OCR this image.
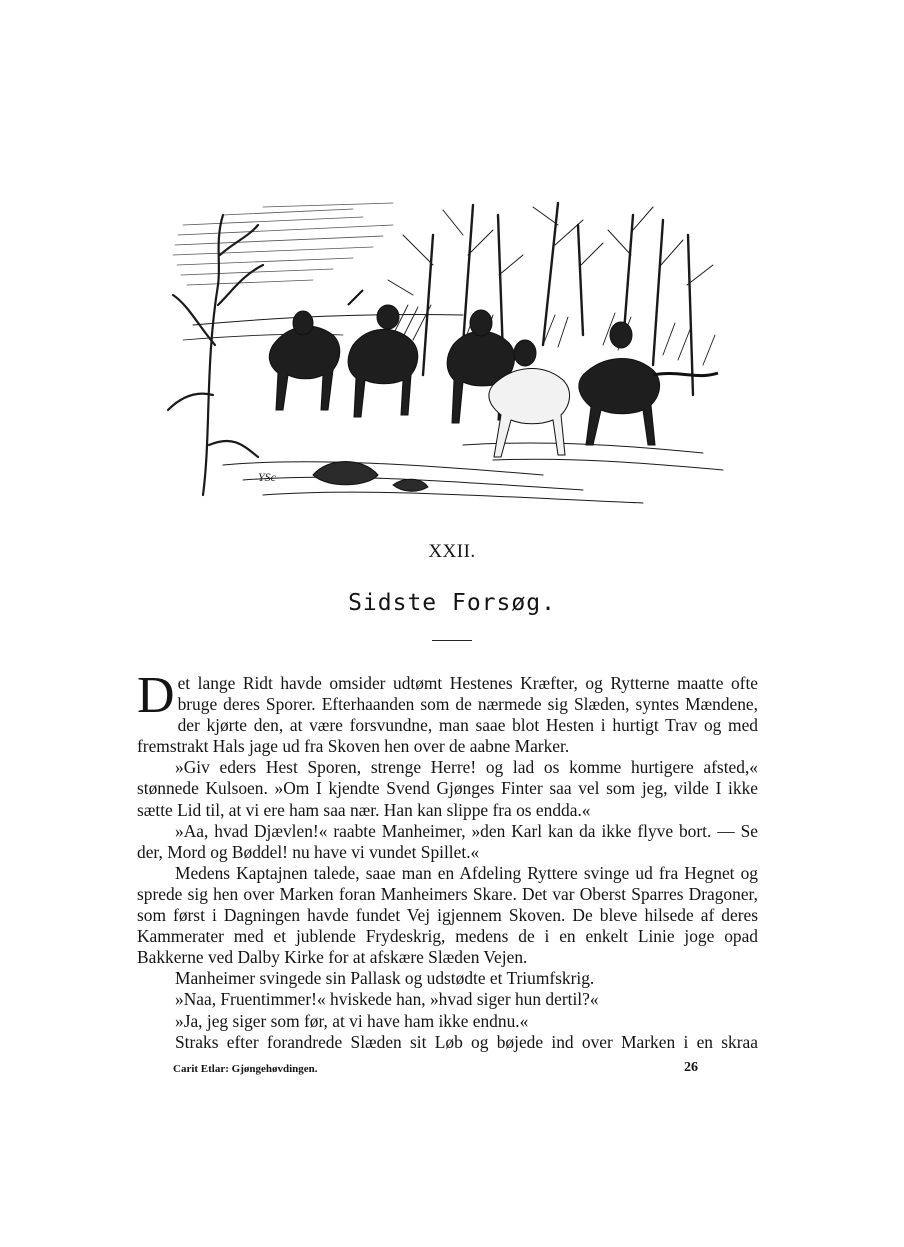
YSc
XXII.
Sidste Forsøg.

Det lange Ridt havde omsider udtømt Hestenes Kræfter, og Rytterne maatte ofte bruge deres Sporer. Efterhaanden som de nærmede sig Slæden, syntes Mændene, der kjørte den, at være forsvundne, man saae blot Hesten i hurtigt Trav og med fremstrakt Hals jage ud fra Skoven hen over de aabne Marker.

»Giv eders Hest Sporen, strenge Herre! og lad os komme hurtigere afsted,« stønnede Kulsoen. »Om I kjendte Svend Gjønges Finter saa vel som jeg, vilde I ikke sætte Lid til, at vi ere ham saa nær. Han kan slippe fra os endda.«

»Aa, hvad Djævlen!« raabte Manheimer, »den Karl kan da ikke flyve bort. — Se der, Mord og Bøddel! nu have vi vundet Spillet.«

Medens Kaptajnen talede, saae man en Afdeling Ryttere svinge ud fra Hegnet og sprede sig hen over Marken foran Manheimers Skare. Det var Oberst Sparres Dragoner, som først i Dagningen havde fundet Vej igjennem Skoven. De bleve hilsede af deres Kammerater med et jublende Frydeskrig, medens de i en enkelt Linie joge opad Bakkerne ved Dalby Kirke for at afskære Slæden Vejen.

Manheimer svingede sin Pallask og udstødte et Triumfskrig.

»Naa, Fruentimmer!« hviskede han, »hvad siger hun dertil?«

»Ja, jeg siger som før, at vi have ham ikke endnu.«

Straks efter forandrede Slæden sit Løb og bøjede ind over Marken i en skraa

Carit Etlar: Gjøngehøvdingen.	26
